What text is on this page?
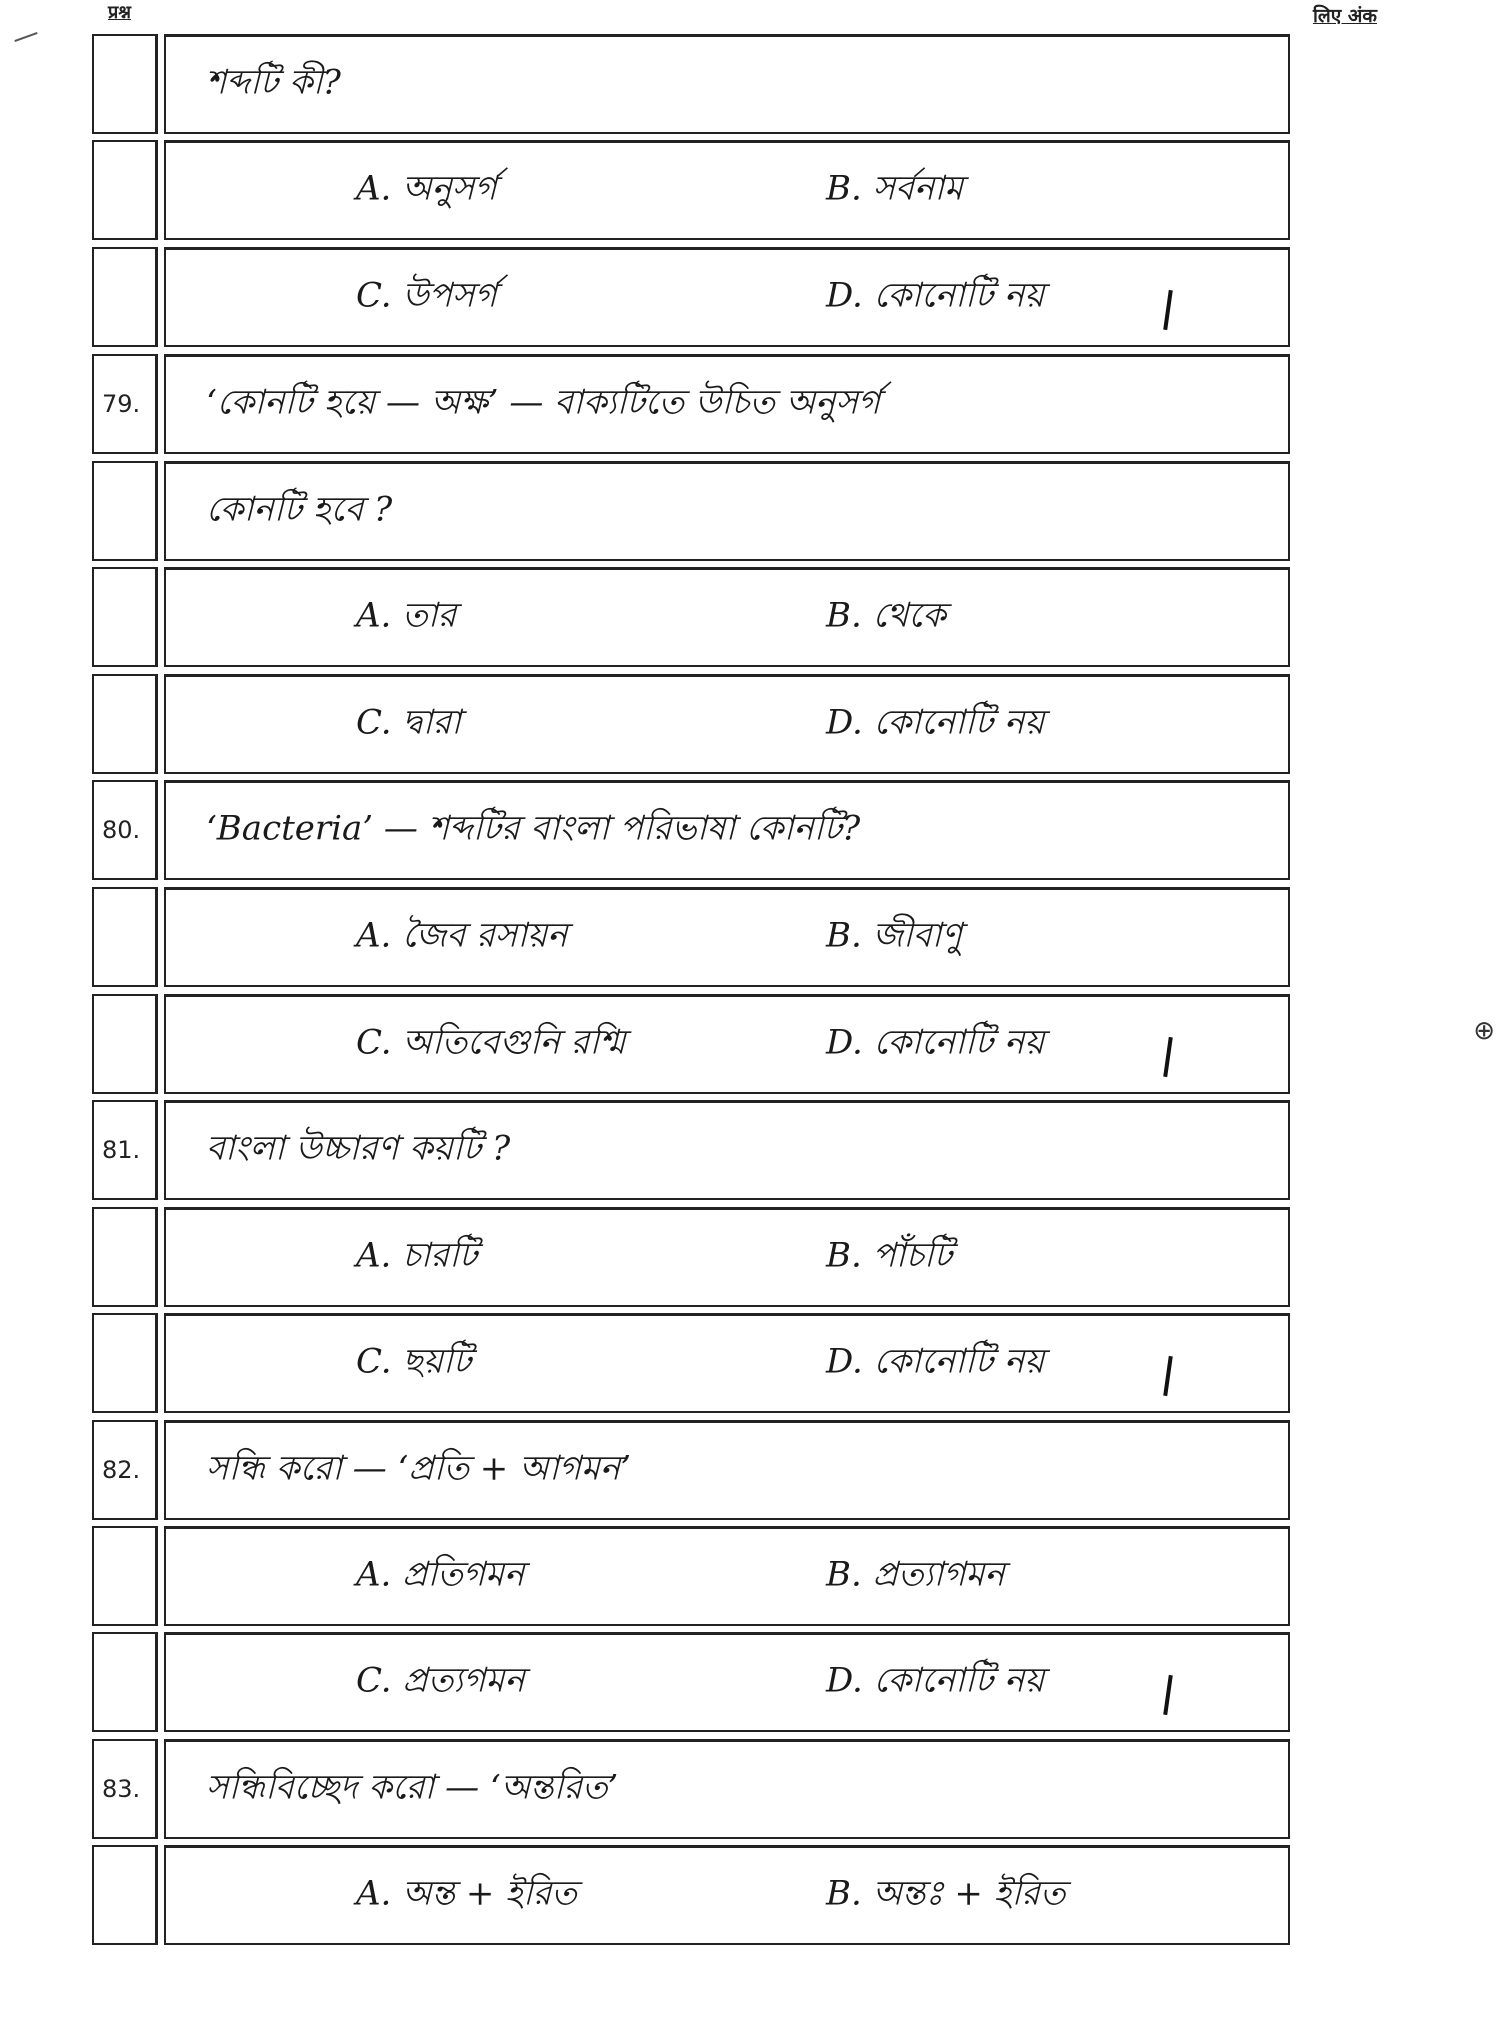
प्रश्न	लिए अंक
⊕
শব্দটি কী?
A. অনুসর্গ	B. সর্বনাম
C. উপসর্গ	D. কোনোটি নয়
79.	‘কোনটি হয়ে — অক্ষ’ — বাক্যটিতে উচিত অনুসর্গ
কোনটি হবে ?
A. তার	B. থেকে
C. দ্বারা	D. কোনোটি নয়
80.	‘Bacteria’ — শব্দটির বাংলা পরিভাষা কোনটি?
A. জৈব রসায়ন	B. জীবাণু
C. অতিবেগুনি রশ্মি	D. কোনোটি নয়
81.	বাংলা উচ্চারণ কয়টি ?
A. চারটি	B. পাঁচটি
C. ছয়টি	D. কোনোটি নয়
82.	সন্ধি করো — ‘প্রতি + আগমন’
A. প্রতিগমন	B. প্রত্যাগমন
C. প্রত্যগমন	D. কোনোটি নয়
83.	সন্ধিবিচ্ছেদ করো — ‘অন্তরিত’
A. অন্ত + ইরিত	B. অন্তঃ + ইরিত
